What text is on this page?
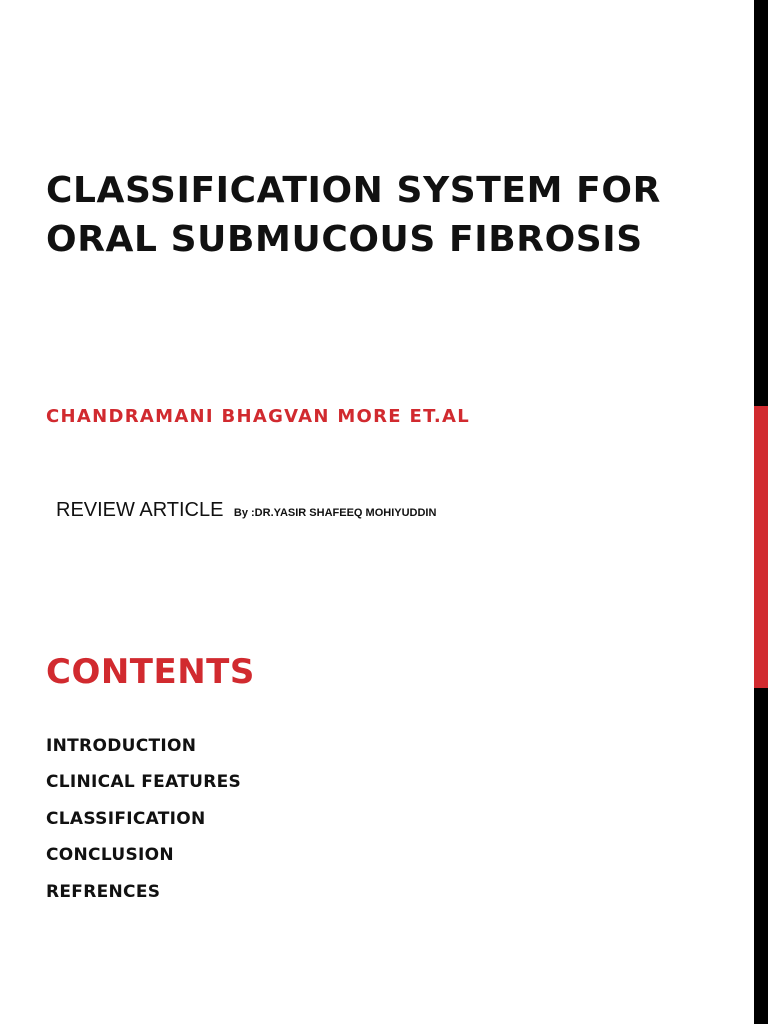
CLASSIFICATION SYSTEM FOR ORAL SUBMUCOUS FIBROSIS

CHANDRAMANI BHAGVAN MORE ET.AL

REVIEW ARTICLE By :DR.YASIR SHAFEEQ MOHIYUDDIN
CONTENTS
INTRODUCTION
CLINICAL FEATURES
CLASSIFICATION
CONCLUSION
REFRENCES
